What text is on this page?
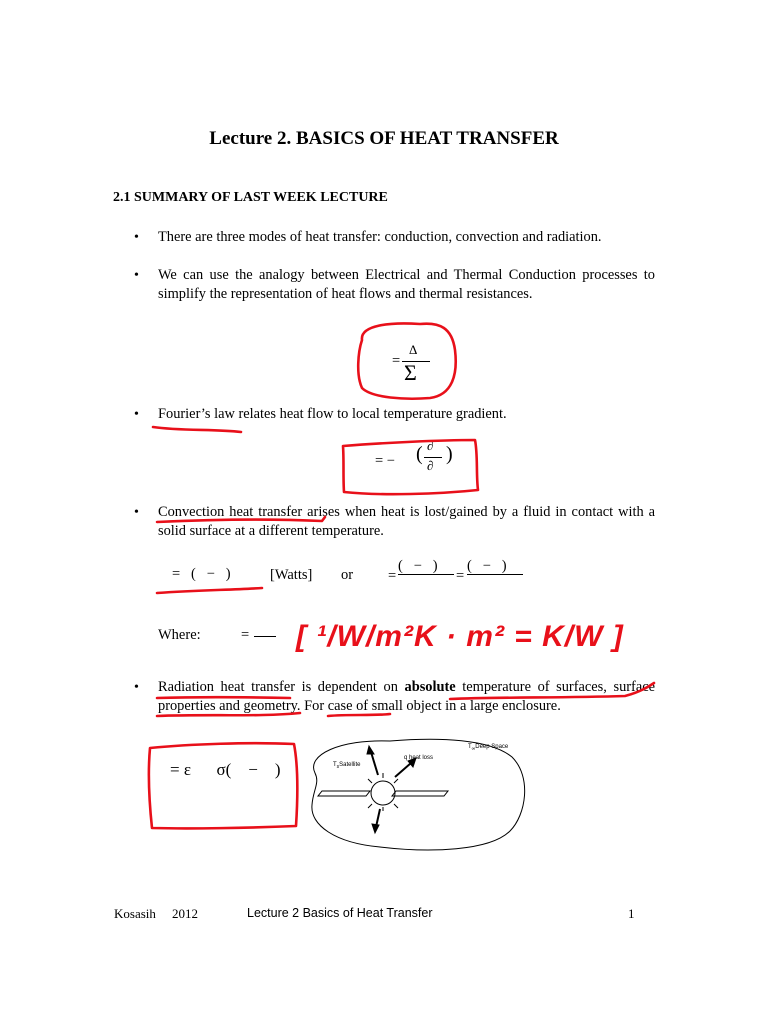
Lecture 2. BASICS OF HEAT TRANSFER
2.1 SUMMARY OF LAST WEEK LECTURE
•	There are three modes of heat transfer: conduction, convection and radiation.
•	We can use the analogy between Electrical and Thermal Conduction processes to simplify the representation of heat flows and thermal resistances.
=
Δ
Σ
•	Fourier’s law relates heat flow to local temperature gradient.
= − ( )
∂
∂
•	Convection heat transfer arises when heat is lost/gained by a fluid in contact with a solid surface at a different temperature.
=   (   −   )	[Watts] or =
(   −   )
=
(   −   )
Where:	= [ ¹/W/m²K · m² = K/W ]
•	Radiation heat transfer is dependent on absolute temperature of surfaces, surface properties and geometry. For case of small object in a large enclosure.
= ε      σ(    −    )	$T_sSatellite$
q heat loss
$T_\infty Deep$ Space
Kosasih 2012	Lecture 2 Basics of Heat Transfer	1
